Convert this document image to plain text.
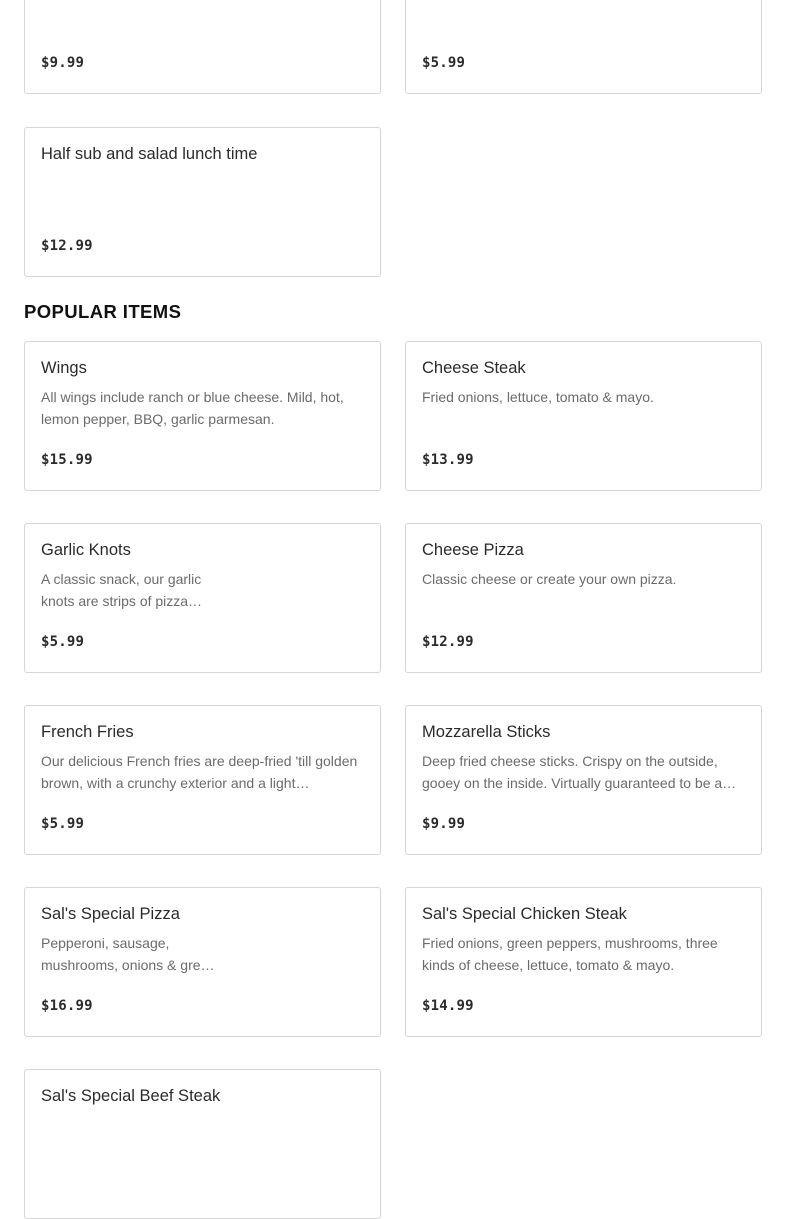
$9.99	$5.99
Half sub and salad lunch time
$12.99
POPULAR ITEMS
Wings
All wings include ranch or blue cheese. Mild, hot, lemon pepper, BBQ, garlic parmesan.
$15.99
Cheese Steak
Fried onions, lettuce, tomato & mayo.
$13.99
Garlic Knots
A classic snack, our garlic knots are strips of pizza…
$5.99
Cheese Pizza
Classic cheese or create your own pizza.
$12.99
French Fries
Our delicious French fries are deep-fried 'till golden brown, with a crunchy exterior and a light…
$5.99
Mozzarella Sticks
Deep fried cheese sticks. Crispy on the outside, gooey on the inside. Virtually guaranteed to be a…
$9.99
Sal's Special Pizza
Pepperoni, sausage, mushrooms, onions & gre…
$16.99
Sal's Special Chicken Steak
Fried onions, green peppers, mushrooms, three kinds of cheese, lettuce, tomato & mayo.
$14.99
Sal's Special Beef Steak
